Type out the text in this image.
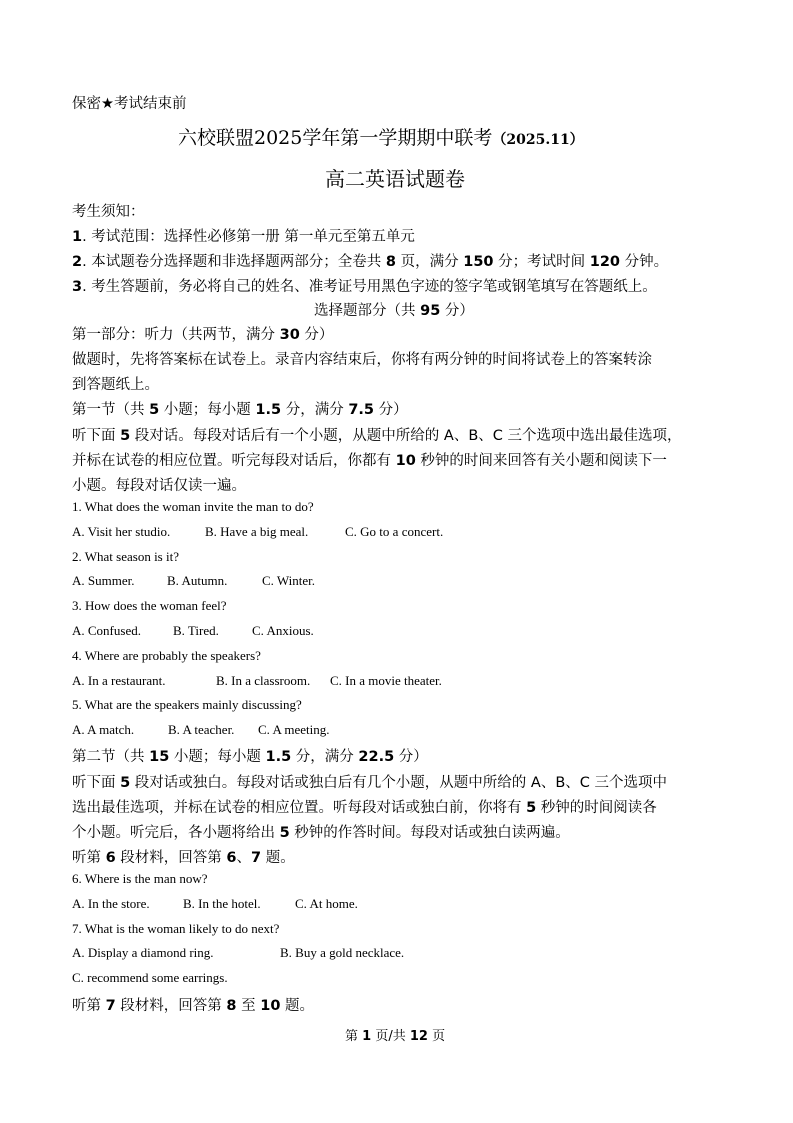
保密★考试结束前
六校联盟2025学年第一学期期中联考（2025.11）
高二英语试题卷
考生须知：
1. 考试范围：选择性必修第一册 第一单元至第五单元
2. 本试题卷分选择题和非选择题两部分；全卷共 8 页，满分 150 分；考试时间 120 分钟。
3. 考生答题前，务必将自己的姓名、准考证号用黑色字迹的签字笔或钢笔填写在答题纸上。
选择题部分（共 95 分）
第一部分：听力（共两节，满分 30 分）
做题时，先将答案标在试卷上。录音内容结束后，你将有两分钟的时间将试卷上的答案转涂
到答题纸上。
第一节（共 5 小题；每小题 1.5 分，满分 7.5 分）
听下面 5 段对话。每段对话后有一个小题，从题中所给的 A、B、C 三个选项中选出最佳选项，
并标在试卷的相应位置。听完每段对话后，你都有 10 秒钟的时间来回答有关小题和阅读下一
小题。每段对话仅读一遍。
1. What does the woman invite the man to do?
A. Visit her studio.	B. Have a big meal.	C. Go to a concert.
2. What season is it?
A. Summer.	B. Autumn.	C. Winter.
3. How does the woman feel?
A. Confused. B. Tired.	C. Anxious.
4. Where are probably the speakers?
A. In a restaurant.	B. In a classroom. C. In a movie theater.
5. What are the speakers mainly discussing?
A. A match.	B. A teacher. C. A meeting.
第二节（共 15 小题；每小题 1.5 分，满分 22.5 分）
听下面 5 段对话或独白。每段对话或独白后有几个小题，从题中所给的 A、B、C 三个选项中
选出最佳选项，并标在试卷的相应位置。听每段对话或独白前，你将有 5 秒钟的时间阅读各
个小题。听完后，各小题将给出 5 秒钟的作答时间。每段对话或独白读两遍。
听第 6 段材料，回答第 6、7 题。
6. Where is the man now?
A. In the store.	B. In the hotel.	C. At home.
7. What is the woman likely to do next?
A. Display a diamond ring.	B. Buy a gold necklace.
C. recommend some earrings.
听第 7 段材料，回答第 8 至 10 题。
第 1 页/共 12 页
